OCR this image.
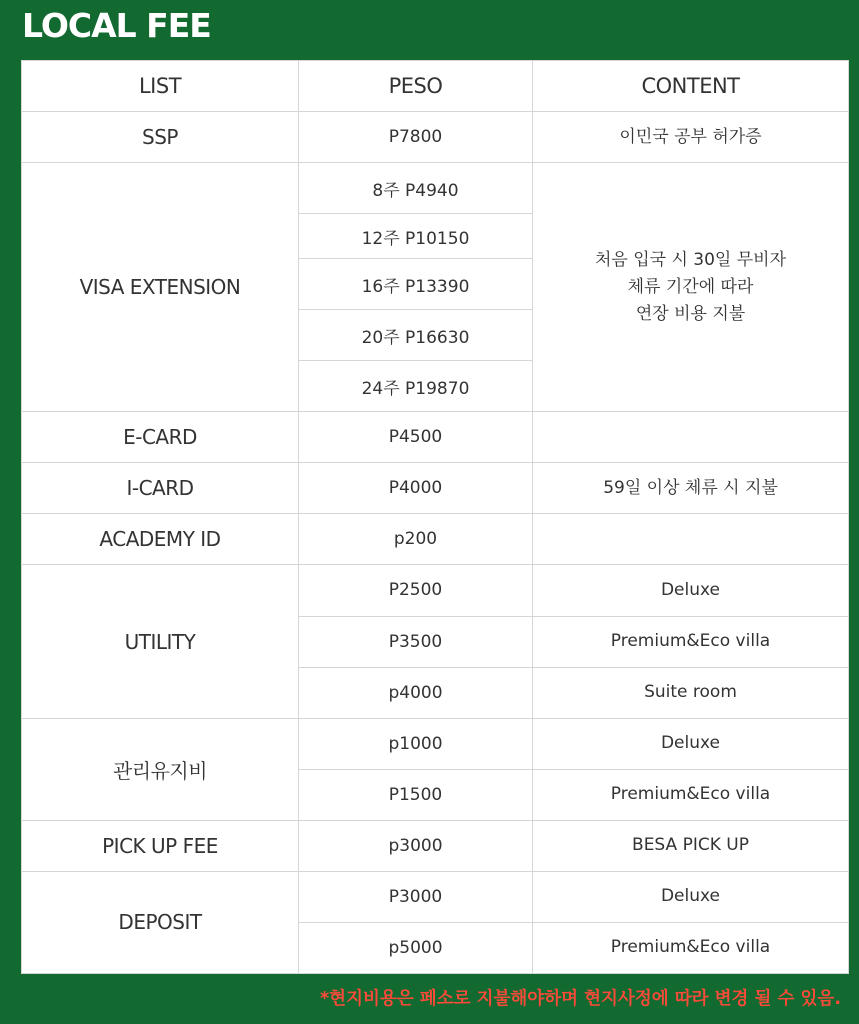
LOCAL FEE
LIST	PESO	CONTENT
SSP	P7800	이민국 공부 허가증
VISA EXTENSION	8주 P4940	처음 입국 시 30일 무비자
체류 기간에 따라
연장 비용 지불

	12주 P10150	
	16주 P13390	
	20주 P16630	
	24주 P19870	
E-CARD	P4500	
I-CARD	P4000	59일 이상 체류 시 지불
ACADEMY ID	p200	
UTILITY	P2500	Deluxe
	P3500	Premium&Eco villa
	p4000	Suite room
관리유지비	p1000	Deluxe
	P1500	Premium&Eco villa
PICK UP FEE	p3000	BESA PICK UP
DEPOSIT	P3000	Deluxe
	p5000	Premium&Eco villa
*현지비용은 페소로 지불해야하며 현지사정에 따라 변경 될 수 있음.
